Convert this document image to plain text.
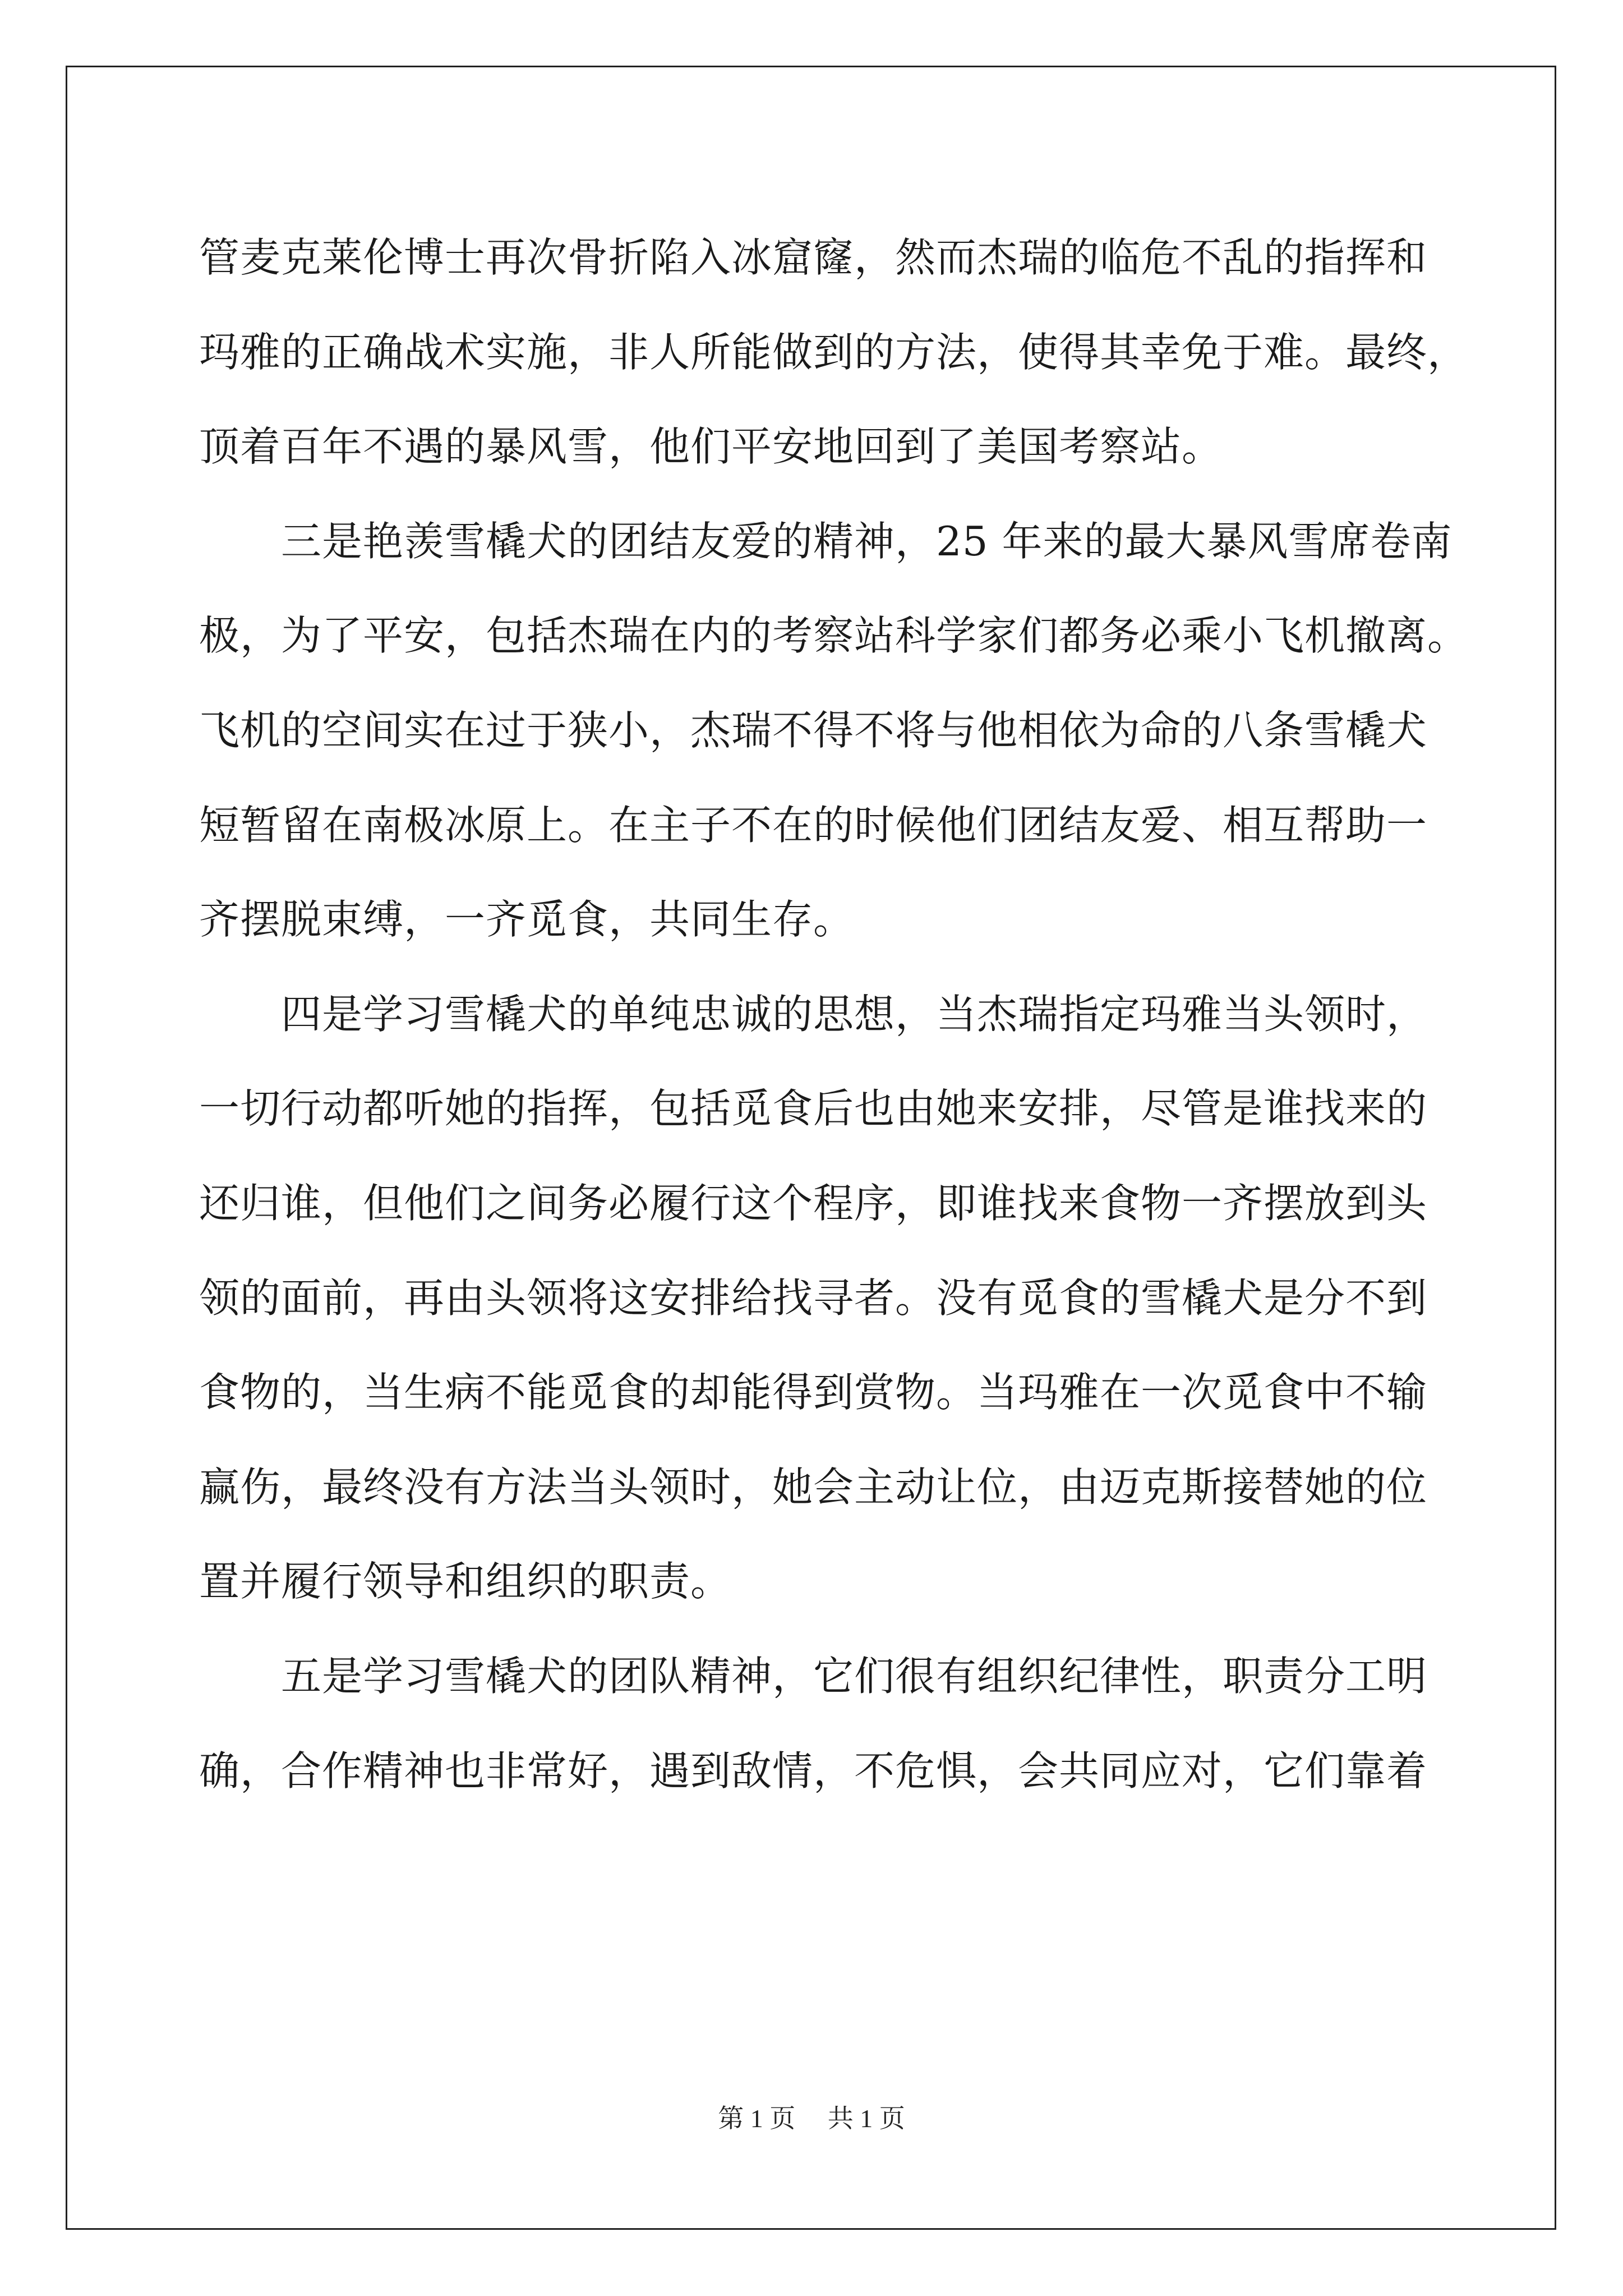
管麦克莱伦博士再次骨折陷入冰窟窿，然而杰瑞的临危不乱的指挥和
玛雅的正确战术实施，非人所能做到的方法，使得其幸免于难。最终，
顶着百年不遇的暴风雪，他们平安地回到了美国考察站。
　　三是艳羡雪橇犬的团结友爱的精神，25 年来的最大暴风雪席卷南
极，为了平安，包括杰瑞在内的考察站科学家们都务必乘小飞机撤离。
飞机的空间实在过于狭小，杰瑞不得不将与他相依为命的八条雪橇犬
短暂留在南极冰原上。在主子不在的时候他们团结友爱、相互帮助一
齐摆脱束缚，一齐觅食，共同生存。
　　四是学习雪橇犬的单纯忠诚的思想，当杰瑞指定玛雅当头领时，
一切行动都听她的指挥，包括觅食后也由她来安排，尽管是谁找来的
还归谁，但他们之间务必履行这个程序，即谁找来食物一齐摆放到头
领的面前，再由头领将这安排给找寻者。没有觅食的雪橇犬是分不到
食物的，当生病不能觅食的却能得到赏物。当玛雅在一次觅食中不输
赢伤，最终没有方法当头领时，她会主动让位，由迈克斯接替她的位
置并履行领导和组织的职责。
　　五是学习雪橇犬的团队精神，它们很有组织纪律性，职责分工明
确，合作精神也非常好，遇到敌情，不危惧，会共同应对，它们靠着
第 1 页　 共 1 页
